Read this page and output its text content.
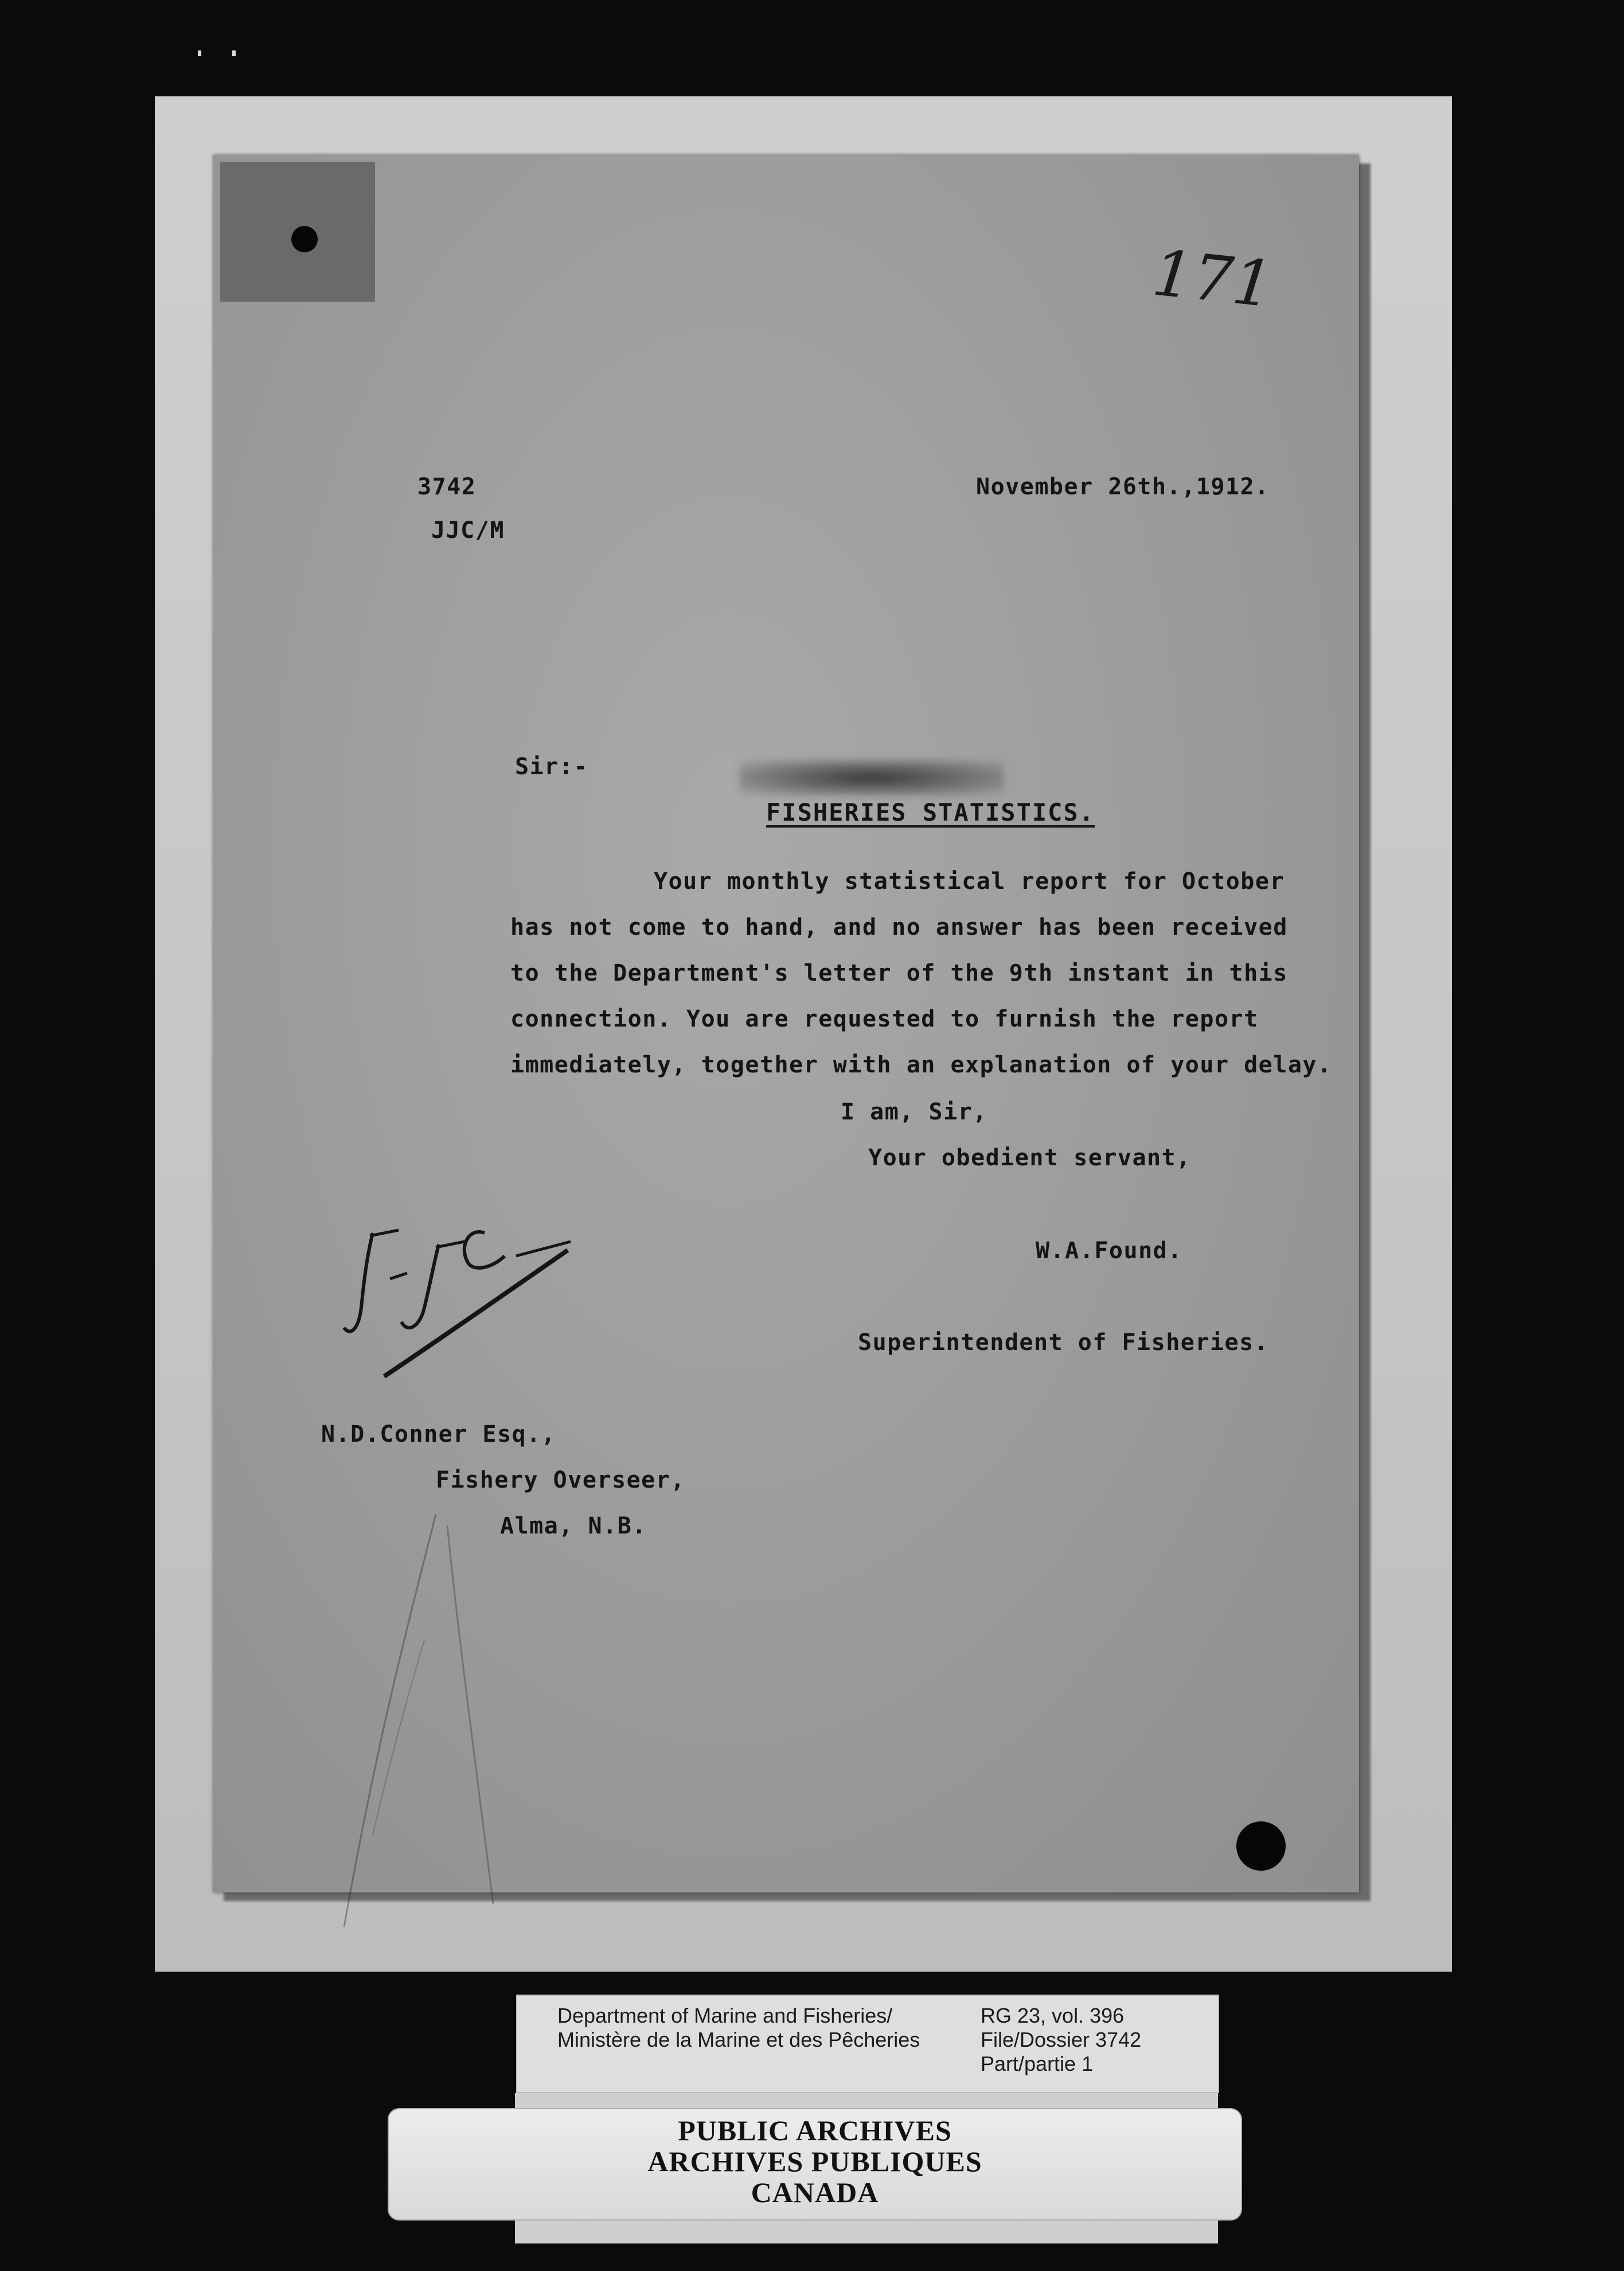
171
3742	November 26th.,1912.
JJC/M
Sir:-
FISHERIES STATISTICS.
Your monthly statistical report for October
has not come to hand, and no answer has been received
to the Department's letter of the 9th instant in this
connection. You are requested to furnish the report
immediately, together with an explanation of your delay.
I am, Sir,
Your obedient servant,
W.A.Found.
Superintendent of Fisheries.
N.D.Conner Esq.,
Fishery Overseer,
Alma, N.B.
Department of Marine and Fisheries/
Ministère de la Marine et des Pêcheries
RG 23, vol. 396
File/Dossier 3742
Part/partie 1
PUBLIC ARCHIVES
ARCHIVES PUBLIQUES
CANADA
